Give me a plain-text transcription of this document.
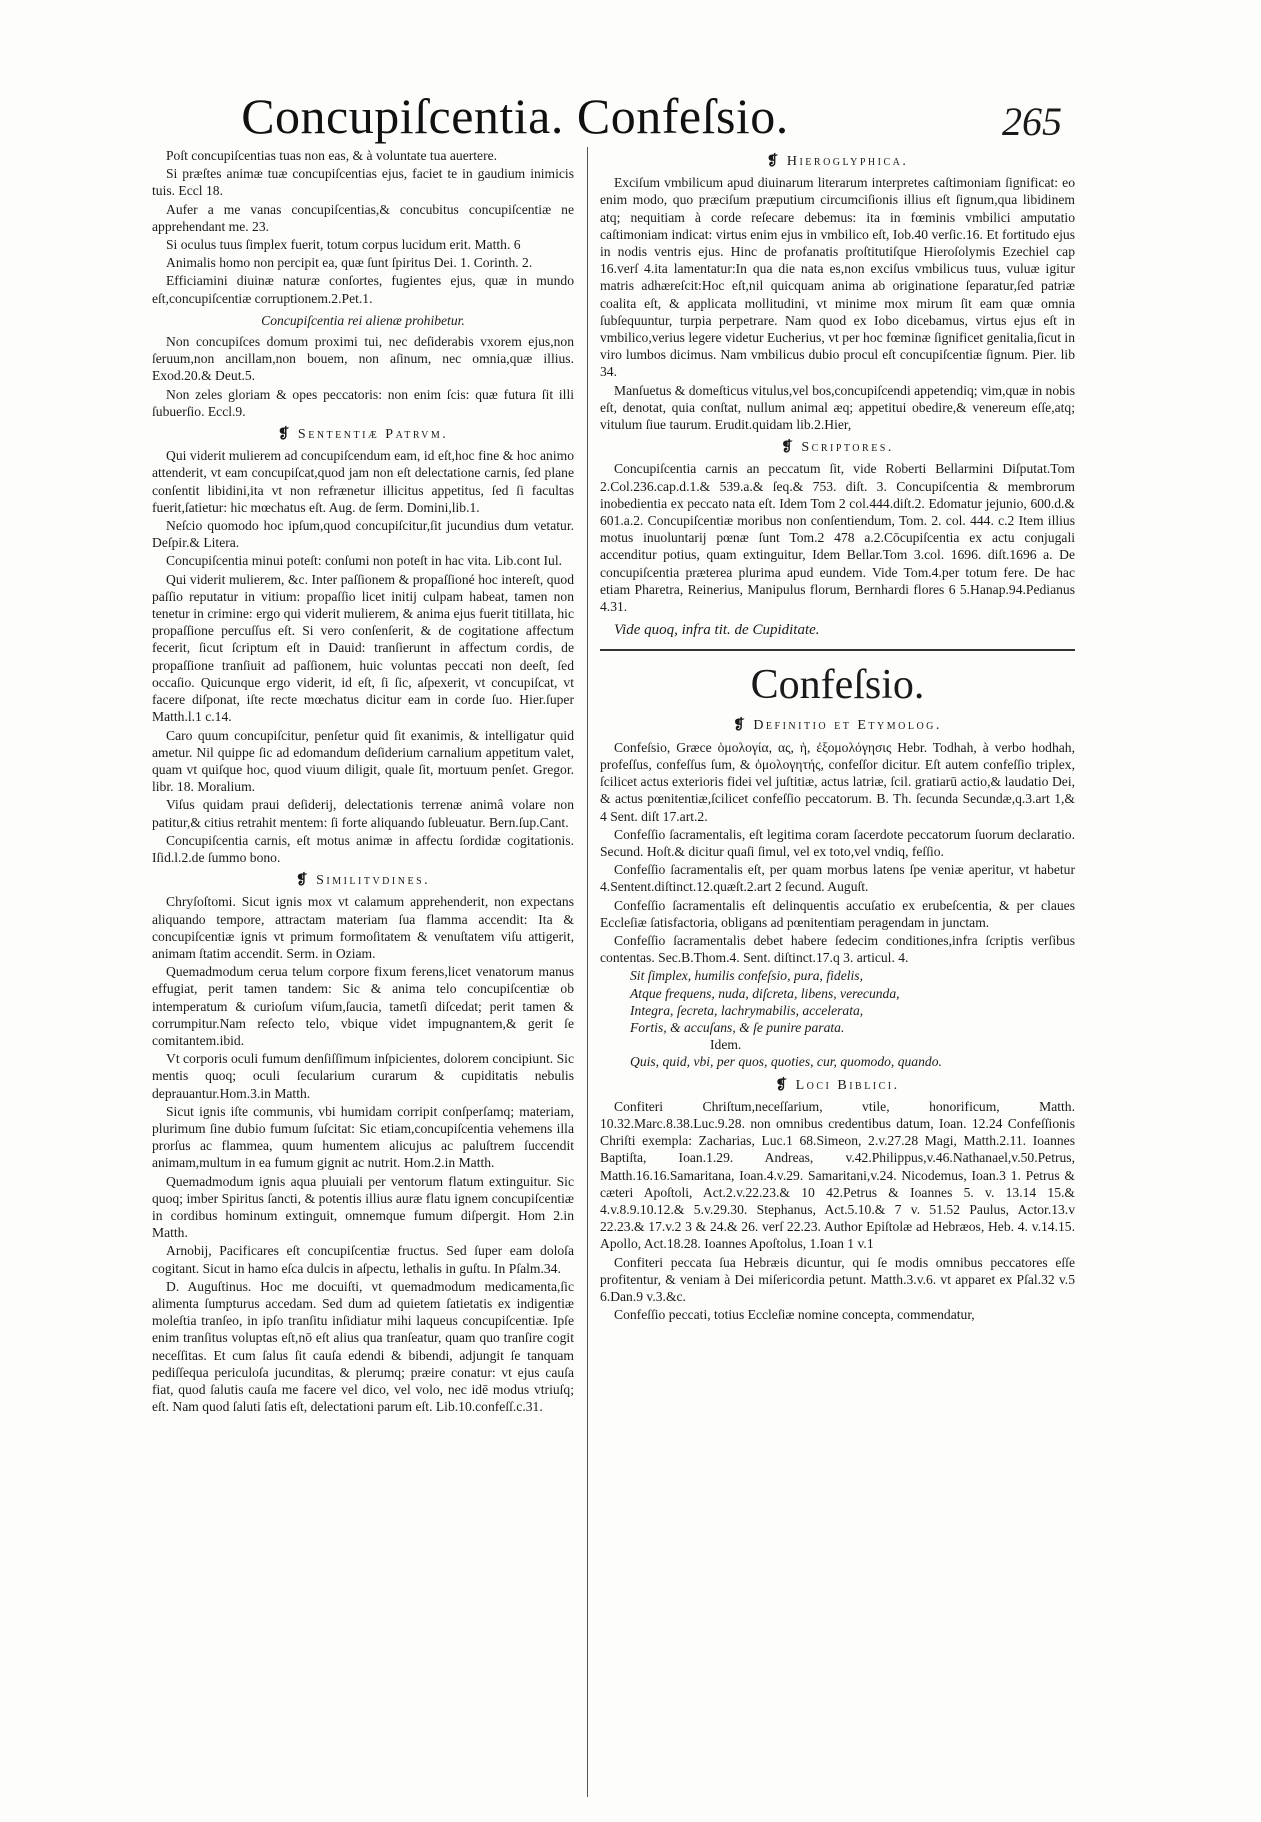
Concupiſcentia. Confeſsio.	265

Poſt concupiſcentias tuas non eas, & à voluntate tua auertere.

Si præſtes animæ tuæ concupiſcentias ejus, faciet te in gaudium inimicis tuis. Eccl 18.

Aufer a me vanas concupiſcentias,& concubitus concupiſcentiæ ne apprehendant me. 23.

Si oculus tuus ſimplex fuerit, totum corpus lucidum erit. Matth. 6

Animalis homo non percipit ea, quæ ſunt ſpiritus Dei. 1. Corinth. 2.

Efficiamini diuinæ naturæ conſortes, fugientes ejus, quæ in mundo eſt,concupiſcentiæ corruptionem.2.Pet.1.

Concupiſcentia rei alienæ prohibetur.

Non concupiſces domum proximi tui, nec deſiderabis vxorem ejus,non ſeruum,non ancillam,non bouem, non aſinum, nec omnia,quæ illius. Exod.20.& Deut.5.

Non zeles gloriam & opes peccatoris: non enim ſcis: quæ futura ſit illi ſubuerſio. Eccl.9.

❡ Sententiæ Patrvm.

Qui viderit mulierem ad concupiſcendum eam, id eſt,hoc fine & hoc animo attenderit, vt eam concupiſcat,quod jam non eſt delectatione carnis, ſed plane conſentit libidini,ita vt non refrænetur illicitus appetitus, ſed ſi facultas fuerit,ſatietur: hic mœchatus eſt. Aug. de ſerm. Domini,lib.1.

Neſcio quomodo hoc ipſum,quod concupiſcitur,ſit jucundius dum vetatur. Deſpir.& Litera.

Concupiſcentia minui poteſt: conſumi non poteſt in hac vita. Lib.cont Iul.

Qui viderit mulierem, &c. Inter paſſionem & propaſſioné hoc intereſt, quod paſſio reputatur in vitium: propaſſio licet initij culpam habeat, tamen non tenetur in crimine: ergo qui viderit mulierem, & anima ejus fuerit titillata, hic propaſſione percuſſus eſt. Si vero conſenſerit, & de cogitatione affectum fecerit, ſicut ſcriptum eſt in Dauid: tranſierunt in affectum cordis, de propaſſione tranſiuit ad paſſionem, huic voluntas peccati non deeſt, ſed occaſio. Quicunque ergo viderit, id eſt, ſi ſic, aſpexerit, vt concupiſcat, vt facere diſponat, iſte recte mœchatus dicitur eam in corde ſuo. Hier.ſuper Matth.l.1 c.14.

Caro quum concupiſcitur, penſetur quid ſit exanimis, & intelligatur quid ametur. Nil quippe ſic ad edomandum deſiderium carnalium appetitum valet, quam vt quiſque hoc, quod viuum diligit, quale ſit, mortuum penſet. Gregor. libr. 18. Moralium.

Viſus quidam praui deſiderij, delectationis terrenæ animâ volare non patitur,& citius retrahit mentem: ſi forte aliquando ſubleuatur. Bern.ſup.Cant.

Concupiſcentia carnis, eſt motus animæ in affectu ſordidæ cogitationis. Iſid.l.2.de ſummo bono.

❡ Similitvdines.

Chryſoſtomi. Sicut ignis mox vt calamum apprehenderit, non expectans aliquando tempore, attractam materiam ſua flamma accendit: Ita & concupiſcentiæ ignis vt primum formoſitatem & venuſtatem viſu attigerit, animam ſtatim accendit. Serm. in Oziam.

Quemadmodum cerua telum corpore fixum ferens,licet venatorum manus effugiat, perit tamen tandem: Sic & anima telo concupiſcentiæ ob intemperatum & curioſum viſum,ſaucia, tametſi diſcedat; perit tamen & corrumpitur.Nam reſecto telo, vbique videt impugnantem,& gerit ſe comitantem.ibid.

Vt corporis oculi fumum denſiſſimum inſpicientes, dolorem concipiunt. Sic mentis quoq; oculi ſecularium curarum & cupiditatis nebulis deprauantur.Hom.3.in Matth.

Sicut ignis iſte communis, vbi humidam corripit conſperſamq; materiam, plurimum ſine dubio fumum ſuſcitat: Sic etiam,concupiſcentia vehemens illa prorſus ac flammea, quum humentem alicujus ac paluſtrem ſuccendit animam,multum in ea fumum gignit ac nutrit. Hom.2.in Matth.

Quemadmodum ignis aqua pluuiali per ventorum flatum extinguitur. Sic quoq; imber Spiritus ſancti, & potentis illius auræ flatu ignem concupiſcentiæ in cordibus hominum extinguit, omnemque fumum diſpergit. Hom 2.in Matth.

Arnobij, Pacificares eſt concupiſcentiæ fructus. Sed ſuper eam doloſa cogitant. Sicut in hamo eſca dulcis in aſpectu, lethalis in guſtu. In Pſalm.34.

D. Auguſtinus. Hoc me docuiſti, vt quemadmodum medicamenta,ſic alimenta ſumpturus accedam. Sed dum ad quietem ſatietatis ex indigentiæ moleſtia tranſeo, in ipſo tranſitu inſidiatur mihi laqueus concupiſcentiæ. Ipſe enim tranſitus voluptas eſt,nō eſt alius qua tranſeatur, quam quo tranſire cogit neceſſitas. Et cum ſalus ſit cauſa edendi & bibendi, adjungit ſe tanquam pediſſequa periculoſa jucunditas, & plerumq; præire conatur: vt ejus cauſa fiat, quod ſalutis cauſa me facere vel dico, vel volo, nec idē modus vtriuſq; eſt. Nam quod ſaluti ſatis eſt, delectationi parum eſt. Lib.10.confeſſ.c.31.

❡ Hieroglyphica.

Exciſum vmbilicum apud diuinarum literarum interpretes caſtimoniam ſignificat: eo enim modo, quo præciſum præputium circumciſionis illius eſt ſignum,qua libidinem atq; nequitiam à corde reſecare debemus: ita in fœminis vmbilici amputatio caſtimoniam indicat: virtus enim ejus in vmbilico eſt, Iob.40 verſic.16. Et fortitudo ejus in nodis ventris ejus. Hinc de profanatis proſtitutiſque Hieroſolymis Ezechiel cap 16.verſ 4.ita lamentatur:In qua die nata es,non exciſus vmbilicus tuus, vuluæ igitur matris adhæreſcit:Hoc eſt,nil quicquam anima ab originatione ſeparatur,ſed patriæ coalita eſt, & applicata mollitudini, vt minime mox mirum ſit eam quæ omnia ſubſequuntur, turpia perpetrare. Nam quod ex Iobo dicebamus, virtus ejus eſt in vmbilico,verius legere videtur Eucherius, vt per hoc fœminæ ſignificet genitalia,ſicut in viro lumbos dicimus. Nam vmbilicus dubio procul eſt concupiſcentiæ ſignum. Pier. lib 34.

Manſuetus & domeſticus vitulus,vel bos,concupiſcendi appetendiq; vim,quæ in nobis eſt, denotat, quia conſtat, nullum animal æq; appetitui obedire,& venereum eſſe,atq; vitulum ſiue taurum. Erudit.quidam lib.2.Hier,

❡ Scriptores.

Concupiſcentia carnis an peccatum ſit, vide Roberti Bellarmini Diſputat.Tom 2.Col.236.cap.d.1.& 539.a.& ſeq.& 753. diſt. 3. Concupiſcentia & membrorum inobedientia ex peccato nata eſt. Idem Tom 2 col.444.diſt.2. Edomatur jejunio, 600.d.& 601.a.2. Concupiſcentiæ moribus non conſentiendum, Tom. 2. col. 444. c.2 Item illius motus inuoluntarij pœnæ ſunt Tom.2 478 a.2.Cōcupiſcentia ex actu conjugali accenditur potius, quam extinguitur, Idem Bellar.Tom 3.col. 1696. diſt.1696 a. De concupiſcentia præterea plurima apud eundem. Vide Tom.4.per totum fere. De hac etiam Pharetra, Reinerius, Manipulus florum, Bernhardi flores 6 5.Hanap.94.Pedianus 4.31.

Vide quoq, infra tit. de Cupiditate.
Confeſsio.
❡ Definitio et Etymolog.

Confeſsio, Græce ὁμολογία, ας, ἡ, ἐξομολόγησις Hebr. Todhah, à verbo hodhah, profeſſus, confeſſus ſum, & ὁμολογητής, confeſſor dicitur. Eſt autem confeſſio triplex, ſcilicet actus exterioris fidei vel juſtitiæ, actus latriæ, ſcil. gratiarū actio,& laudatio Dei, & actus pœnitentiæ,ſcilicet confeſſio peccatorum. B. Th. ſecunda Secundæ,q.3.art 1,& 4 Sent. diſt 17.art.2.

Confeſſio ſacramentalis, eſt legitima coram ſacerdote peccatorum ſuorum declaratio. Secund. Hoſt.& dicitur quaſi ſimul, vel ex toto,vel vndiq, feſſio.

Confeſſio ſacramentalis eſt, per quam morbus latens ſpe veniæ aperitur, vt habetur 4.Sentent.diſtinct.12.quæſt.2.art 2 ſecund. Auguſt.

Confeſſio ſacramentalis eſt delinquentis accuſatio ex erubeſcentia, & per claues Eccleſiæ ſatisfactoria, obligans ad pœnitentiam peragendam in junctam.

Confeſſio ſacramentalis debet habere ſedecim conditiones,infra ſcriptis verſibus contentas. Sec.B.Thom.4. Sent. diſtinct.17.q 3. articul. 4.

Sit ſimplex, humilis confeſsio, pura, fidelis,

Atque frequens, nuda, diſcreta, libens, verecunda,

Integra, ſecreta, lachrymabilis, accelerata,

Fortis, & accuſans, & ſe punire parata.

Idem.

Quis, quid, vbi, per quos, quoties, cur, quomodo, quando.

❡ Loci Biblici.

Confiteri Chriſtum,neceſſarium, vtile, honorificum, Matth. 10.32.Marc.8.38.Luc.9.28. non omnibus credentibus datum, Ioan. 12.24 Confeſſionis Chriſti exempla: Zacharias, Luc.1 68.Simeon, 2.v.27.28 Magi, Matth.2.11. Ioannes Baptiſta, Ioan.1.29. Andreas, v.42.Philippus,v.46.Nathanael,v.50.Petrus, Matth.16.16.Samaritana, Ioan.4.v.29. Samaritani,v.24. Nicodemus, Ioan.3 1. Petrus & cæteri Apoſtoli, Act.2.v.22.23.& 10 42.Petrus & Ioannes 5. v. 13.14 15.& 4.v.8.9.10.12.& 5.v.29.30. Stephanus, Act.5.10.& 7 v. 51.52 Paulus, Actor.13.v 22.23.& 17.v.2 3 & 24.& 26. verſ 22.23. Author Epiſtolæ ad Hebræos, Heb. 4. v.14.15. Apollo, Act.18.28. Ioannes Apoſtolus, 1.Ioan 1 v.1

Confiteri peccata ſua Hebræis dicuntur, qui ſe modis omnibus peccatores eſſe profitentur, & veniam à Dei miſericordia petunt. Matth.3.v.6. vt apparet ex Pſal.32 v.5 6.Dan.9 v.3.&c.

Confeſſio peccati, totius Eccleſiæ nomine concepta, commendatur,
